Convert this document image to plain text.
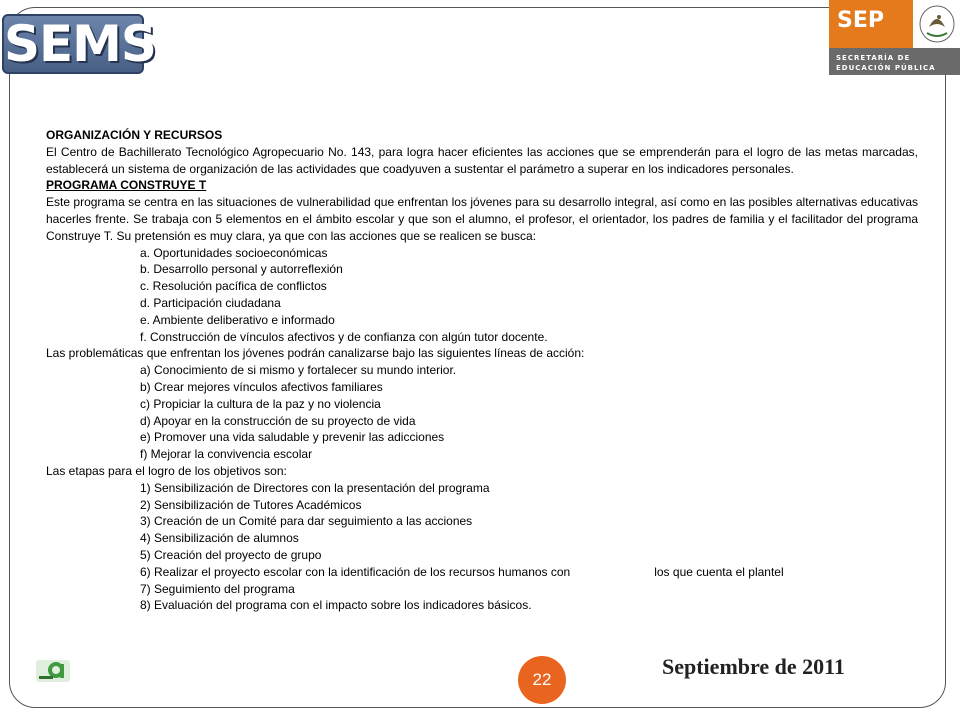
SEMS	SEP
SECRETARÍA DE
EDUCACIÓN PÚBLICA

ORGANIZACIÓN Y RECURSOS

El Centro de Bachillerato Tecnológico Agropecuario No. 143, para logra hacer eficientes las acciones que se emprenderán para el logro de las metas marcadas, establecerá un sistema de organización de las actividades que coadyuven a sustentar el parámetro a superar en los indicadores personales.

PROGRAMA CONSTRUYE T

Este programa se centra en las situaciones de vulnerabilidad que enfrentan los jóvenes para su desarrollo integral, así como en las posibles alternativas educativas hacerles frente. Se trabaja con 5 elementos en el ámbito escolar y que son el alumno, el profesor, el orientador, los padres de familia y el facilitador del programa Construye T. Su pretensión es muy clara, ya que con las acciones que se realicen se busca:

a. Oportunidades socioeconómicas

b. Desarrollo personal y autorreflexión

c. Resolución pacífica de conflictos

d. Participación ciudadana

e. Ambiente deliberativo e informado

f. Construcción de vínculos afectivos y de confianza con algún tutor docente.

Las problemáticas que enfrentan los jóvenes podrán canalizarse bajo las siguientes líneas de acción:

a) Conocimiento de si mismo y fortalecer su mundo interior.

b) Crear mejores vínculos afectivos familiares

c) Propiciar la cultura de la paz y no violencia

d) Apoyar en la construcción de su proyecto de vida

e) Promover una vida saludable y prevenir las adicciones

f) Mejorar la convivencia escolar

Las etapas para el logro de los objetivos son:

1) Sensibilización de Directores con la presentación del programa

2) Sensibilización de Tutores Académicos

3) Creación de un Comité para dar seguimiento a las acciones

4) Sensibilización de alumnos

5) Creación del proyecto de grupo

6) Realizar el proyecto escolar con la identificación de los recursos humanos con	los que cuenta el plantel

7) Seguimiento del programa

8) Evaluación del programa con el impacto sobre los indicadores básicos.

22
Septiembre de 2011
